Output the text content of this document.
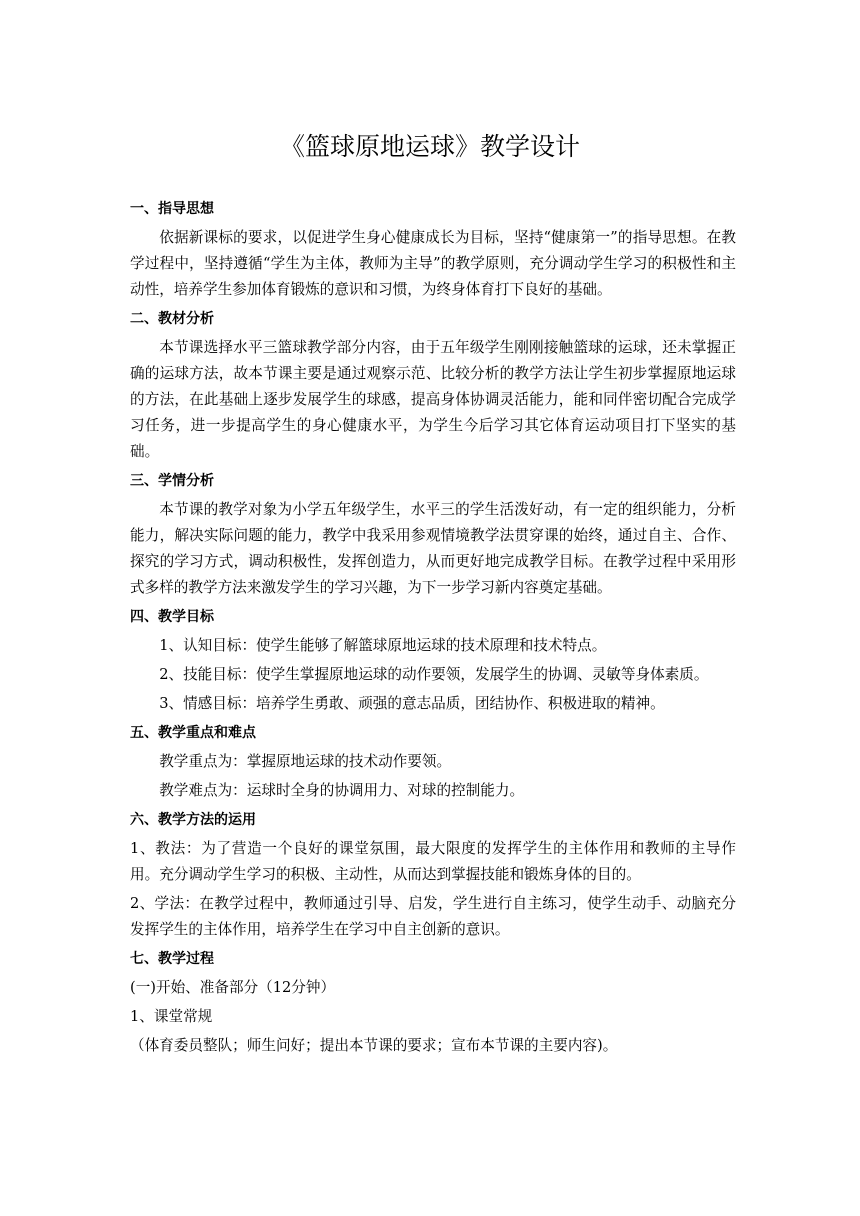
《篮球原地运球》教学设计
一、指导思想

依据新课标的要求，以促进学生身心健康成长为目标，坚持“健康第一”的指导思想。在教学过程中，坚持遵循“学生为主体，教师为主导”的教学原则，充分调动学生学习的积极性和主动性，培养学生参加体育锻炼的意识和习惯，为终身体育打下良好的基础。

二、教材分析

本节课选择水平三篮球教学部分内容，由于五年级学生刚刚接触篮球的运球，还未掌握正确的运球方法，故本节课主要是通过观察示范、比较分析的教学方法让学生初步掌握原地运球的方法，在此基础上逐步发展学生的球感，提高身体协调灵活能力，能和同伴密切配合完成学习任务，进一步提高学生的身心健康水平，为学生今后学习其它体育运动项目打下坚实的基础。

三、学情分析

本节课的教学对象为小学五年级学生，水平三的学生活泼好动，有一定的组织能力，分析能力，解决实际问题的能力，教学中我采用参观情境教学法贯穿课的始终，通过自主、合作、探究的学习方式，调动积极性，发挥创造力，从而更好地完成教学目标。在教学过程中采用形式多样的教学方法来激发学生的学习兴趣，为下一步学习新内容奠定基础。

四、教学目标
1、认知目标：使学生能够了解篮球原地运球的技术原理和技术特点。
2、技能目标：使学生掌握原地运球的动作要领，发展学生的协调、灵敏等身体素质。
3、情感目标：培养学生勇敢、顽强的意志品质，团结协作、积极进取的精神。
五、教学重点和难点
教学重点为：掌握原地运球的技术动作要领。
教学难点为：运球时全身的协调用力、对球的控制能力。
六、教学方法的运用

1、教法：为了营造一个良好的课堂氛围，最大限度的发挥学生的主体作用和教师的主导作用。充分调动学生学习的积极、主动性，从而达到掌握技能和锻炼身体的目的。

2、学法：在教学过程中，教师通过引导、启发，学生进行自主练习，使学生动手、动脑充分发挥学生的主体作用，培养学生在学习中自主创新的意识。

七、教学过程
(一)开始、准备部分（12分钟）
1、课堂常规
（体育委员整队；师生问好；提出本节课的要求；宣布本节课的主要内容)。
